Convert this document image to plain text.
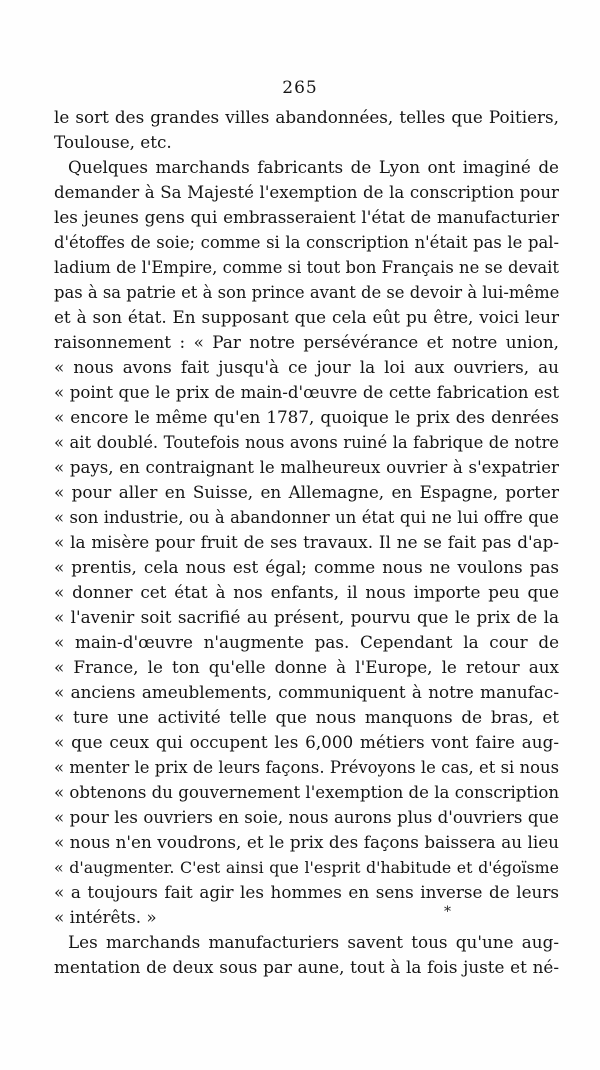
265
le sort des grandes villes abandonnées, telles que Poitiers,
Toulouse, etc.
Quelques marchands fabricants de Lyon ont imaginé de
demander à Sa Majesté l'exemption de la conscription pour
les jeunes gens qui embrasseraient l'état de manufacturier
d'étoffes de soie; comme si la conscription n'était pas le pal-
ladium de l'Empire, comme si tout bon Français ne se devait
pas à sa patrie et à son prince avant de se devoir à lui-même
et à son état. En supposant que cela eût pu être, voici leur
raisonnement : « Par notre persévérance et notre union,
« nous avons fait jusqu'à ce jour la loi aux ouvriers, au
« point que le prix de main-d'œuvre de cette fabrication est
« encore le même qu'en 1787, quoique le prix des denrées
« ait doublé. Toutefois nous avons ruiné la fabrique de notre
« pays, en contraignant le malheureux ouvrier à s'expatrier
« pour aller en Suisse, en Allemagne, en Espagne, porter
« son industrie, ou à abandonner un état qui ne lui offre que
« la misère pour fruit de ses travaux. Il ne se fait pas d'ap-
« prentis, cela nous est égal; comme nous ne voulons pas
« donner cet état à nos enfants, il nous importe peu que
« l'avenir soit sacrifié au présent, pourvu que le prix de la
« main-d'œuvre n'augmente pas. Cependant la cour de
« France, le ton qu'elle donne à l'Europe, le retour aux
« anciens ameublements, communiquent à notre manufac-
« ture une activité telle que nous manquons de bras, et
« que ceux qui occupent les 6,000 métiers vont faire aug-
« menter le prix de leurs façons. Prévoyons le cas, et si nous
« obtenons du gouvernement l'exemption de la conscription
« pour les ouvriers en soie, nous aurons plus d'ouvriers que
« nous n'en voudrons, et le prix des façons baissera au lieu
« d'augmenter. C'est ainsi que l'esprit d'habitude et d'égoïsme
« a toujours fait agir les hommes en sens inverse de leurs
« intérêts. »
Les marchands manufacturiers savent tous qu'une aug-
mentation de deux sous par aune, tout à la fois juste et né-
*
